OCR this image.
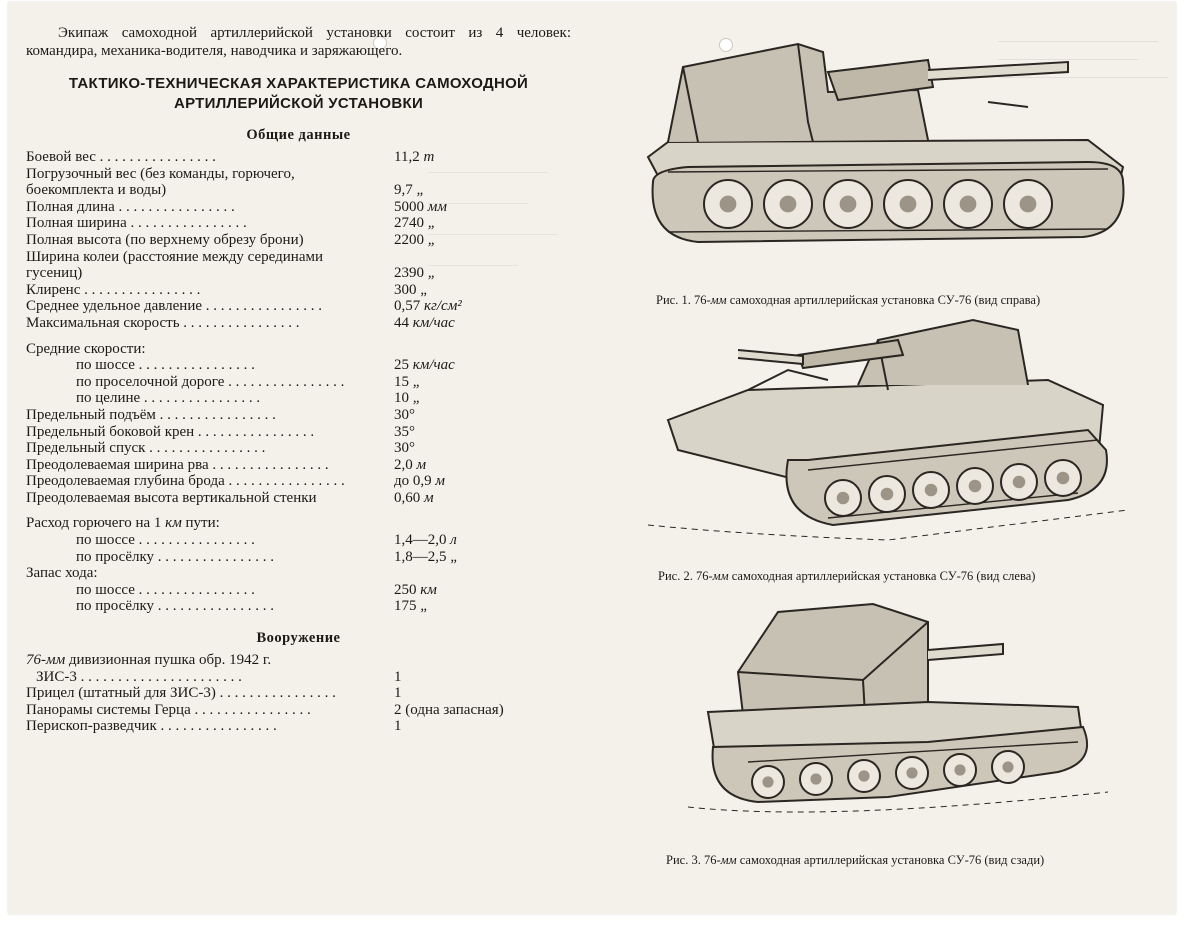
Экипаж самоходной артиллерийской установки состоит из 4 человек: командира, механика-водителя, наводчика и заряжающего.

ТАКТИКО-ТЕХНИЧЕСКАЯ ХАРАКТЕРИСТИКА САМОХОДНОЙ
АРТИЛЛЕРИЙСКОЙ УСТАНОВКИ
Общие данные
Боевой вес . . . . . . . . . . . . . . . .	11,2 т
Погрузочный вес (без команды, горючего, боекомплекта и воды)	9,7 „
Полная длина . . . . . . . . . . . . . . . .	5000 мм
Полная ширина . . . . . . . . . . . . . . . .	2740 „
Полная высота (по верхнему обрезу брони)	2200 „
Ширина колеи (расстояние между серединами гусениц)	2390 „
Клиренс . . . . . . . . . . . . . . . .	300 „
Среднее удельное давление . . . . . . . . . . . . . . . .	0,57 кг/см²
Максимальная скорость . . . . . . . . . . . . . . . .	44 км/час
Средние скорости:
по шоссе . . . . . . . . . . . . . . . .	25 км/час
по проселочной дороге . . . . . . . . . . . . . . . .	15 „
по целине . . . . . . . . . . . . . . . .	10 „
Предельный подъём . . . . . . . . . . . . . . . .	30°
Предельный боковой крен . . . . . . . . . . . . . . . .	35°
Предельный спуск . . . . . . . . . . . . . . . .	30°
Преодолеваемая ширина рва . . . . . . . . . . . . . . . .	2,0 м
Преодолеваемая глубина брода . . . . . . . . . . . . . . . .	до 0,9 м
Преодолеваемая высота вертикальной стенки	0,60 м
Расход горючего на 1 км пути:
по шоссе . . . . . . . . . . . . . . . .	1,4—2,0 л
по просёлку . . . . . . . . . . . . . . . .	1,8—2,5 „
Запас хода:
по шоссе . . . . . . . . . . . . . . . .	250 км
по просёлку . . . . . . . . . . . . . . . .	175 „
Вооружение
76-мм дивизионная пушка обр. 1942 г.
ЗИС-3 . . . . . . . . . . . . . . . . . . . . . .	1
Прицел (штатный для ЗИС-3) . . . . . . . . . . . . . . . .	1
Панорамы системы Герца . . . . . . . . . . . . . . . .	2 (одна запасная)
Перископ-разведчик . . . . . . . . . . . . . . . .	1
Рис. 1. 76-мм самоходная артиллерийская установка СУ-76 (вид справа)
Рис. 2. 76-мм самоходная артиллерийская установка СУ-76 (вид слева)
Рис. 3. 76-мм самоходная артиллерийская установка СУ-76 (вид сзади)
